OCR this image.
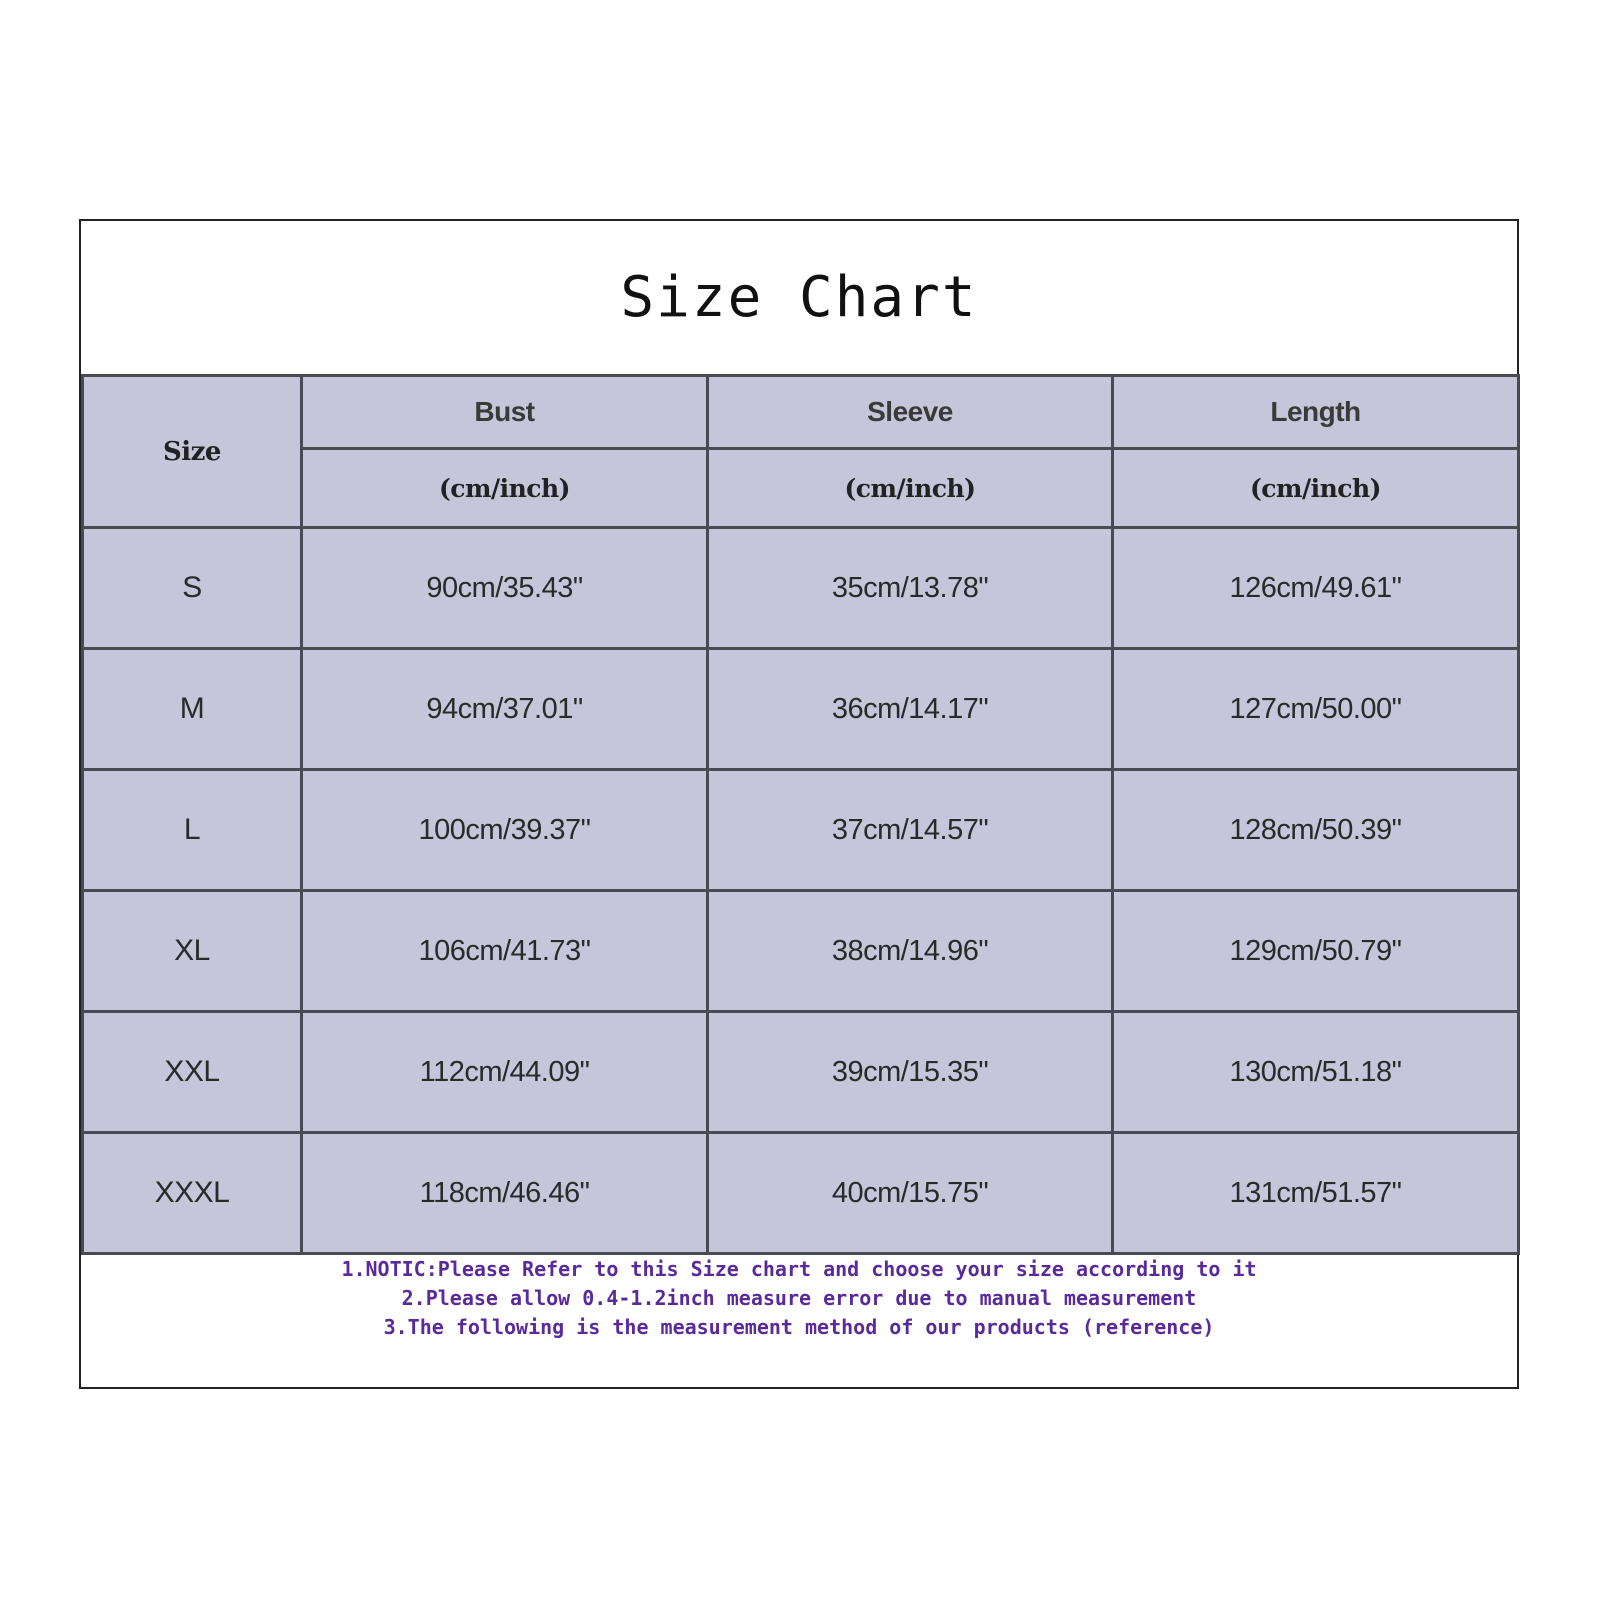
Size Chart
Size	Bust	Sleeve	Length
	(cm/inch)	(cm/inch)	(cm/inch)
S	90cm/35.43"	35cm/13.78"	126cm/49.61"
M	94cm/37.01"	36cm/14.17"	127cm/50.00"
L	100cm/39.37"	37cm/14.57"	128cm/50.39"
XL	106cm/41.73"	38cm/14.96"	129cm/50.79"
XXL	112cm/44.09"	39cm/15.35"	130cm/51.18"
XXXL	118cm/46.46"	40cm/15.75"	131cm/51.57"
1.NOTIC:Please Refer to this Size chart and choose your size according to it
2.Please allow 0.4-1.2inch measure error due to manual measurement
3.The following is the measurement method of our products (reference)
